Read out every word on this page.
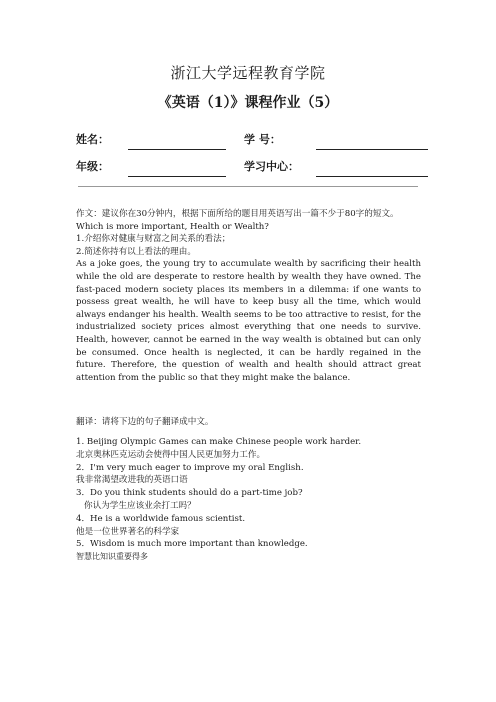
浙江大学远程教育学院
《英语（1）》课程作业（5）
姓名：	学 号：
年级：	学习中心：

作文：建议你在30分钟内，根据下面所给的题目用英语写出一篇不少于80字的短文。

Which is more important, Health or Wealth?

1.介绍你对健康与财富之间关系的看法；

2.简述你持有以上看法的理由。

As a joke goes, the young try to accumulate wealth by sacrificing their health while the old are desperate to restore health by wealth they have owned. The fast-paced modern society places its members in a dilemma: if one wants to possess great wealth, he will have to keep busy all the time, which would always endanger his health. Wealth seems to be too attractive to resist, for the industrialized society prices almost everything that one needs to survive. Health, however, cannot be earned in the way wealth is obtained but can only be consumed. Once health is neglected, it can be hardly regained in the future. Therefore, the question of wealth and health should attract great attention from the public so that they might make the balance.

翻译：请将下边的句子翻译成中文。

1. Beijing Olympic Games can make Chinese people work harder.

北京奥林匹克运动会使得中国人民更加努力工作。

2．I'm very much eager to improve my oral English.

我非常渴望改进我的英语口语

3．Do you think students should do a part-time job?

你认为学生应该业余打工吗？

4．He is a worldwide famous scientist.

他是一位世界著名的科学家

5．Wisdom is much more important than knowledge.

智慧比知识重要得多
